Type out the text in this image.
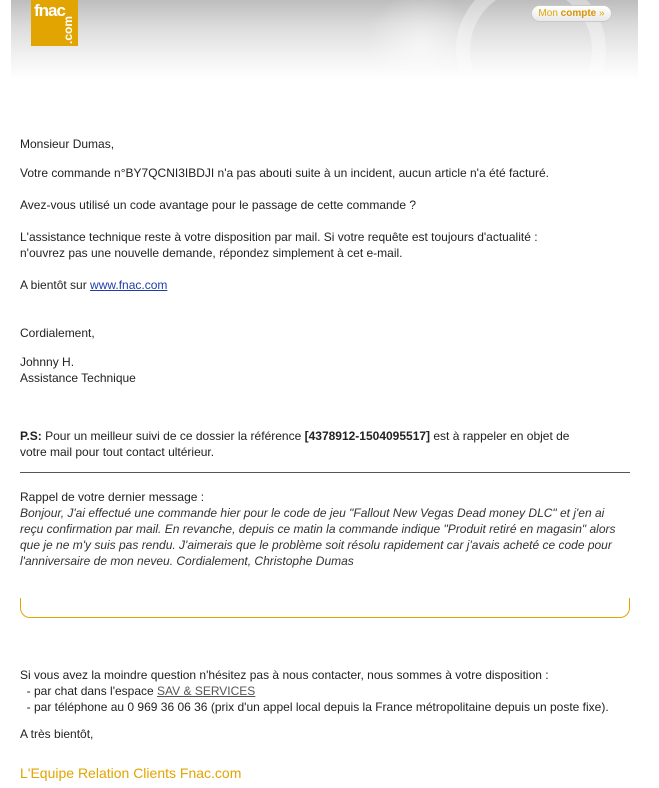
fnac
.com
Mon compte »
Monsieur Dumas,
Votre commande n°BY7QCNI3IBDJI n'a pas abouti suite à un incident, aucun article n'a été facturé.
Avez-vous utilisé un code avantage pour le passage de cette commande ?
L'assistance technique reste à votre disposition par mail. Si votre requête est toujours d'actualité :
n'ouvrez pas une nouvelle demande, répondez simplement à cet e-mail.
A bientôt sur www.fnac.com
Cordialement,
Johnny H.
Assistance Technique
P.S: Pour un meilleur suivi de ce dossier la référence [4378912-1504095517] est à rappeler en objet de
votre mail pour tout contact ultérieur.
Rappel de votre dernier message :
Bonjour, J'ai effectué une commande hier pour le code de jeu "Fallout New Vegas Dead money DLC" et j'en ai reçu confirmation par mail. En revanche, depuis ce matin la commande indique "Produit retiré en magasin" alors que je ne m'y suis pas rendu. J'aimerais que le problème soit résolu rapidement car j'avais acheté ce code pour l'anniversaire de mon neveu. Cordialement, Christophe Dumas
Si vous avez la moindre question n'hésitez pas à nous contacter, nous sommes à votre disposition :
- par chat dans l'espace SAV & SERVICES
- par téléphone au 0 969 36 06 36 (prix d'un appel local depuis la France métropolitaine depuis un poste fixe).
A très bientôt,
L'Equipe Relation Clients Fnac.com
